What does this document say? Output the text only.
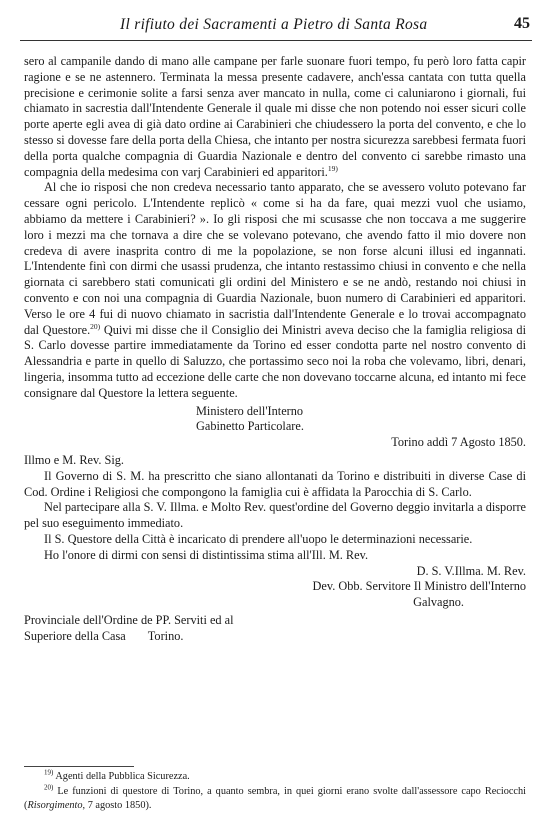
Il rifiuto dei Sacramenti a Pietro di Santa Rosa	45

sero al campanile dando di mano alle campane per farle suonare fuori tempo, fu però loro fatta capir ragione e se ne astennero. Terminata la messa presente cadavere, anch'essa cantata con tutta quella precisione e cerimonie solite a farsi senza aver mancato in nulla, come ci caluniarono i giornali, fui chiamato in sacrestia dall'Intendente Generale il quale mi disse che non potendo noi esser sicuri colle porte aperte egli avea di già dato ordine ai Carabinieri che chiudessero la porta del convento, e che lo stesso si dovesse fare della porta della Chiesa, che intanto per nostra sicurezza sarebbesi fermata fuori della porta qualche compagnia di Guardia Nazionale e dentro del convento ci sarebbe rimasto una compagnia della medesima con varj Carabinieri ed apparitori.$^{19)}$

Al che io risposi che non credeva necessario tanto apparato, che se avessero voluto potevano far cessare ogni pericolo. L'Intendente replicò « come si ha da fare, quai mezzi vuol che usiamo, abbiamo da mettere i Carabinieri? ». Io gli risposi che mi scusasse che non toccava a me suggerire loro i mezzi ma che tornava a dire che se volevano potevano, che avendo fatto il mio dovere non credeva di avere inasprita contro di me la popolazione, se non forse alcuni illusi ed ingannati. L'Intendente finì con dirmi che usassi prudenza, che intanto restassimo chiusi in convento e che nella giornata ci sarebbero stati comunicati gli ordini del Ministero e se ne andò, restando noi chiusi in convento e con noi una compagnia di Guardia Nazionale, buon numero di Carabinieri ed apparitori. Verso le ore 4 fui di nuovo chiamato in sacristia dall'Intendente Generale e lo trovai accompagnato dal Questore.$^{20)}$ Quivi mi disse che il Consiglio dei Ministri aveva deciso che la famiglia religiosa di S. Carlo dovesse partire immediatamente da Torino ed esser condotta parte nel nostro convento di Alessandria e parte in quello di Saluzzo, che portassimo seco noi la roba che volevamo, libri, denari, lingeria, insomma tutto ad eccezione delle carte che non dovevano toccarne alcuna, ed intanto mi fece consignare dal Questore la lettera seguente.

Ministero dell'Interno
Gabinetto Particolare.
Torino addì 7 Agosto 1850.
Illmo e M. Rev. Sig.

Il Governo di S. M. ha prescritto che siano allontanati da Torino e distribuiti in diverse Case di Cod. Ordine i Religiosi che compongono la famiglia cui è affidata la Parocchia di S. Carlo.

Nel partecipare alla S. V. Illma. e Molto Rev. quest'ordine del Governo deggio invitarla a disporre pel suo eseguimento immediato.

Il S. Questore della Città è incaricato di prendere all'uopo le determinazioni necessarie.

Ho l'onore di dirmi con sensi di distintissima stima all'Ill. M. Rev.

D. S. V.Illma. M. Rev.
Dev. Obb. Servitore Il Ministro dell'Interno
Galvagno.
Provinciale dell'Ordine de PP. Serviti ed al
Superiore della Casa Torino.

$^{19)}$ Agenti della Pubblica Sicurezza.

$^{20)}$ Le funzioni di questore di Torino, a quanto sembra, in quei giorni erano svolte dall'assessore capo Reciocchi (Risorgimento, 7 agosto 1850).
